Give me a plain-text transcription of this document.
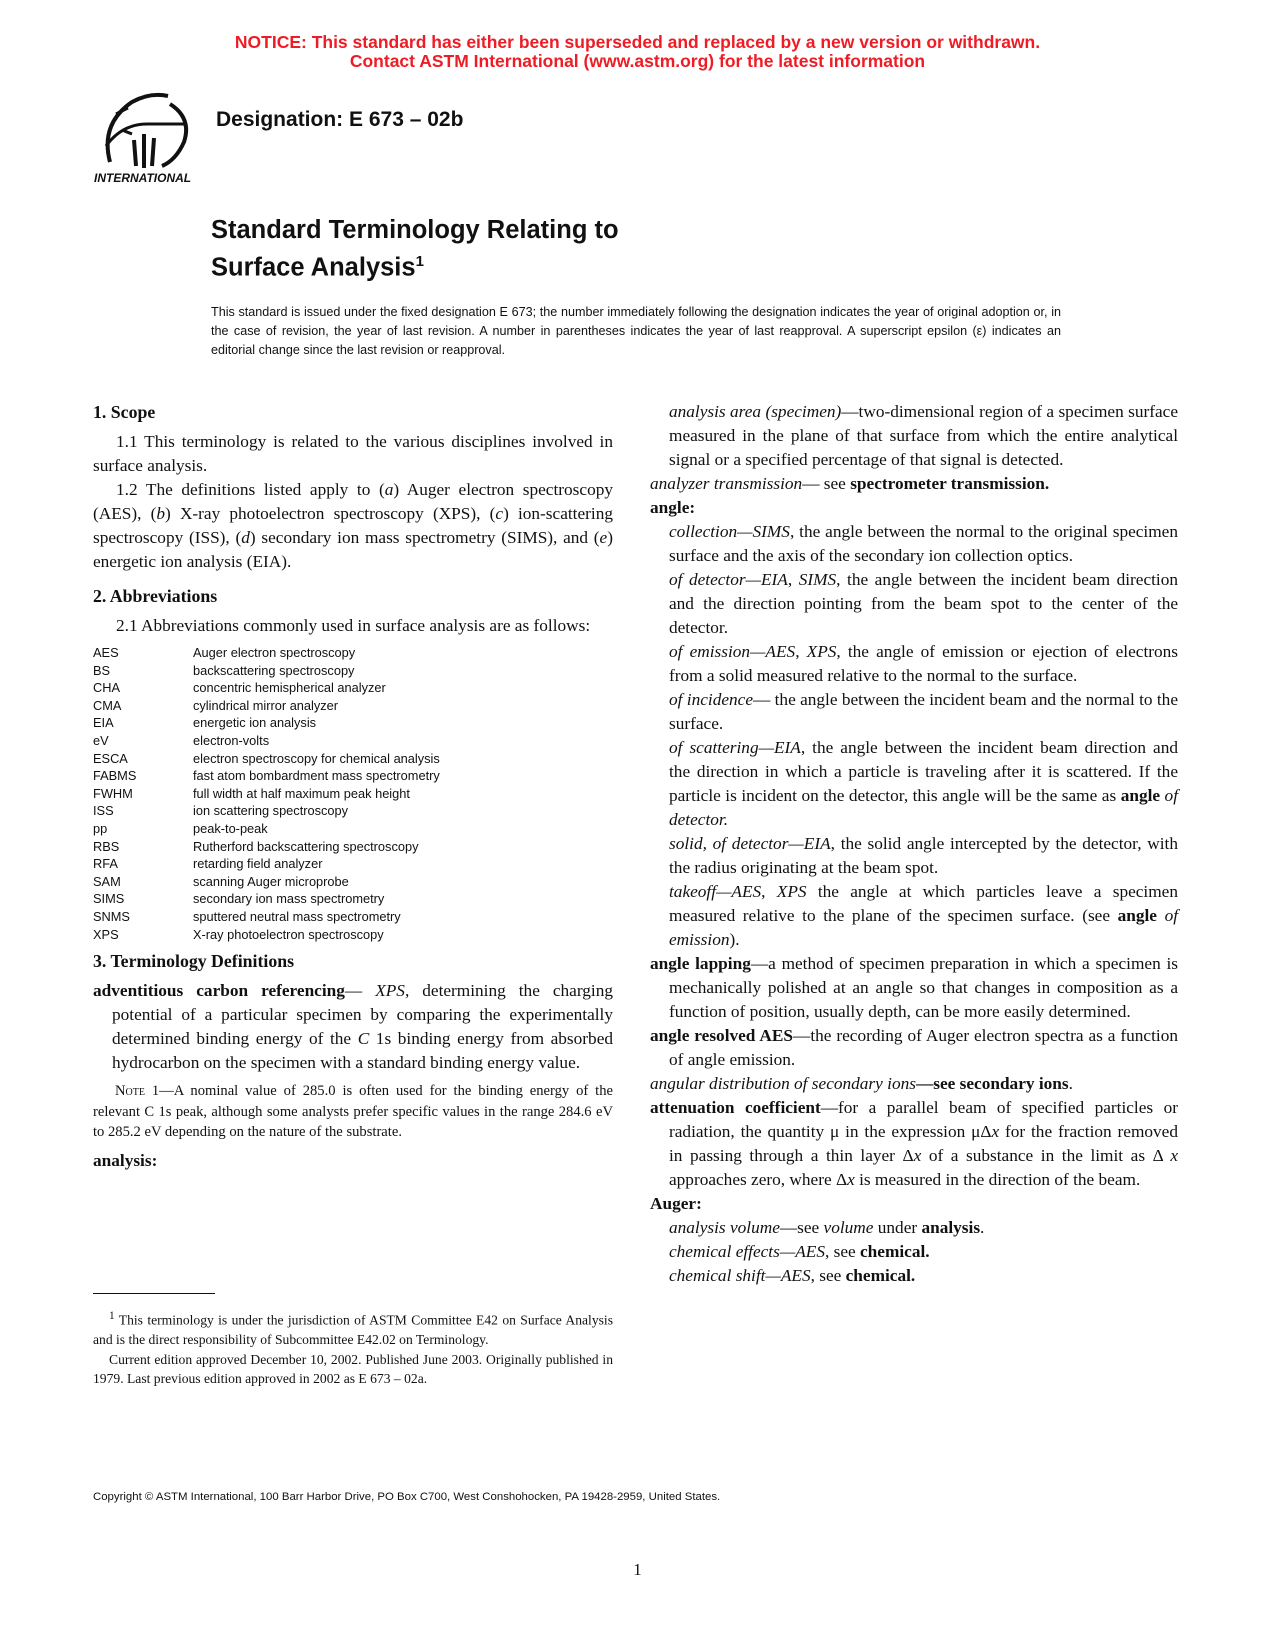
NOTICE: This standard has either been superseded and replaced by a new version or withdrawn.
Contact ASTM International (www.astm.org) for the latest information
INTERNATIONAL
Designation: E 673 – 02b
Standard Terminology Relating to
Surface Analysis$^1$
This standard is issued under the fixed designation E 673; the number immediately following the designation indicates the year of original adoption or, in the case of revision, the year of last revision. A number in parentheses indicates the year of last reapproval. A superscript epsilon (ε) indicates an editorial change since the last revision or reapproval.
1. Scope

1.1 This terminology is related to the various disciplines involved in surface analysis.

1.2 The definitions listed apply to (a) Auger electron spectroscopy (AES), (b) X-ray photoelectron spectroscopy (XPS), (c) ion-scattering spectroscopy (ISS), (d) secondary ion mass spectrometry (SIMS), and (e) energetic ion analysis (EIA).

2. Abbreviations

2.1 Abbreviations commonly used in surface analysis are as follows:

AES	Auger electron spectroscopy
BS	backscattering spectroscopy
CHA	concentric hemispherical analyzer
CMA	cylindrical mirror analyzer
EIA	energetic ion analysis
eV	electron-volts
ESCA	electron spectroscopy for chemical analysis
FABMS	fast atom bombardment mass spectrometry
FWHM	full width at half maximum peak height
ISS	ion scattering spectroscopy
pp	peak-to-peak
RBS	Rutherford backscattering spectroscopy
RFA	retarding field analyzer
SAM	scanning Auger microprobe
SIMS	secondary ion mass spectrometry
SNMS	sputtered neutral mass spectrometry
XPS	X-ray photoelectron spectroscopy
3. Terminology Definitions

adventitious carbon referencing— XPS, determining the charging potential of a particular specimen by comparing the experimentally determined binding energy of the C 1s binding energy from absorbed hydrocarbon on the specimen with a standard binding energy value.

Note 1—A nominal value of 285.0 is often used for the binding energy of the relevant C 1s peak, although some analysts prefer specific values in the range 284.6 eV to 285.2 eV depending on the nature of the substrate.

analysis:

analysis area (specimen)—two-dimensional region of a specimen surface measured in the plane of that surface from which the entire analytical signal or a specified percentage of that signal is detected.

analyzer transmission— see spectrometer transmission.

angle:

collection—SIMS, the angle between the normal to the original specimen surface and the axis of the secondary ion collection optics.

of detector—EIA, SIMS, the angle between the incident beam direction and the direction pointing from the beam spot to the center of the detector.

of emission—AES, XPS, the angle of emission or ejection of electrons from a solid measured relative to the normal to the surface.

of incidence— the angle between the incident beam and the normal to the surface.

of scattering—EIA, the angle between the incident beam direction and the direction in which a particle is traveling after it is scattered. If the particle is incident on the detector, this angle will be the same as angle of detector.

solid, of detector—EIA, the solid angle intercepted by the detector, with the radius originating at the beam spot.

takeoff—AES, XPS the angle at which particles leave a specimen measured relative to the plane of the specimen surface. (see angle of emission).

angle lapping—a method of specimen preparation in which a specimen is mechanically polished at an angle so that changes in composition as a function of position, usually depth, can be more easily determined.

angle resolved AES—the recording of Auger electron spectra as a function of angle emission.

angular distribution of secondary ions—see secondary ions.

attenuation coefficient—for a parallel beam of specified particles or radiation, the quantity μ in the expression μΔx for the fraction removed in passing through a thin layer Δx of a substance in the limit as Δ x approaches zero, where Δx is measured in the direction of the beam.

Auger:

analysis volume—see volume under analysis.

chemical effects—AES, see chemical.

chemical shift—AES, see chemical.

$^1$ This terminology is under the jurisdiction of ASTM Committee E42 on Surface Analysis and is the direct responsibility of Subcommittee E42.02 on Terminology.

Current edition approved December 10, 2002. Published June 2003. Originally published in 1979. Last previous edition approved in 2002 as E 673 – 02a.

Copyright © ASTM International, 100 Barr Harbor Drive, PO Box C700, West Conshohocken, PA 19428-2959, United States.
1
